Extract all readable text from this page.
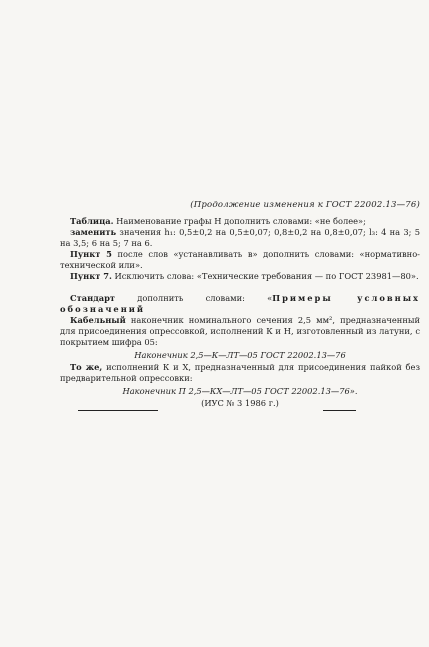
(Продолжение изменения к ГОСТ 22002.13—76)
Таблица. Наименование графы H дополнить словами: «не более»;
заменить значения h₁: 0,5±0,2 на 0,5±0,07; 0,8±0,2 на 0,8±0,07; l₃: 4 на 3; 5 на 3,5; 6 на 5; 7 на 6.
Пункт 5 после слов «устанавливать в» дополнить словами: «нормативно-технической или».
Пункт 7. Исключить слова: «Технические требования — по ГОСТ 23981—80».
Стандарт дополнить словами: «Примеры условных обозначений
Кабельный наконечник номинального сечения 2,5 мм², предназначенный для присоединения опрессовкой, исполнений К и Н, изготовленный из латуни, с покрытием шифра 05:
Наконечник 2,5—К—ЛТ—05 ГОСТ 22002.13—76
То же, исполнений К и Х, предназначенный для присоединения пайкой без предварительной опрессовки:
Наконечник П 2,5—КХ—ЛТ—05 ГОСТ 22002.13—76».
(ИУС № 3 1986 г.)
